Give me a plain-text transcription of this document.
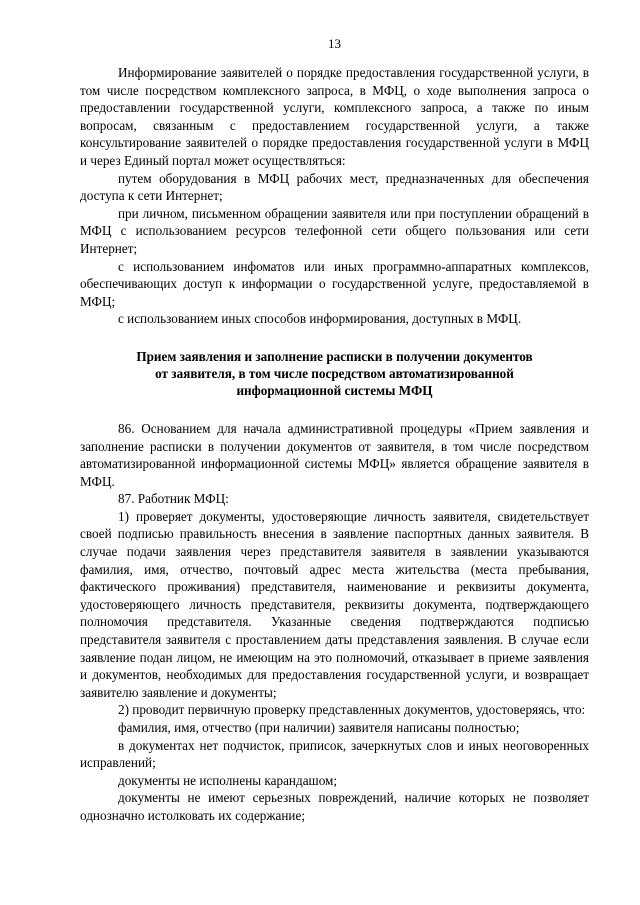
13

Информирование заявителей о порядке предоставления государственной услуги, в том числе посредством комплексного запроса, в МФЦ, о ходе выполнения запроса о предоставлении государственной услуги, комплексного запроса, а также по иным вопросам, связанным с предоставлением государственной услуги, а также консультирование заявителей о порядке предоставления государственной услуги в МФЦ и через Единый портал может осуществляться:

путем оборудования в МФЦ рабочих мест, предназначенных для обеспечения доступа к сети Интернет;

при личном, письменном обращении заявителя или при поступлении обращений в МФЦ с использованием ресурсов телефонной сети общего пользования или сети Интернет;

с использованием инфоматов или иных программно-аппаратных комплексов, обеспечивающих доступ к информации о государственной услуге, предоставляемой в МФЦ;

с использованием иных способов информирования, доступных в МФЦ.

Прием заявления и заполнение расписки в получении документов
от заявителя, в том числе посредством автоматизированной
информационной системы МФЦ

86. Основанием для начала административной процедуры «Прием заявления и заполнение расписки в получении документов от заявителя, в том числе посредством автоматизированной информационной системы МФЦ» является обращение заявителя в МФЦ.

87. Работник МФЦ:

1) проверяет документы, удостоверяющие личность заявителя, свидетельствует своей подписью правильность внесения в заявление паспортных данных заявителя. В случае подачи заявления через представителя заявителя в заявлении указываются фамилия, имя, отчество, почтовый адрес места жительства (места пребывания, фактического проживания) представителя, наименование и реквизиты документа, удостоверяющего личность представителя, реквизиты документа, подтверждающего полномочия представителя. Указанные сведения подтверждаются подписью представителя заявителя с проставлением даты представления заявления. В случае если заявление подан лицом, не имеющим на это полномочий, отказывает в приеме заявления и документов, необходимых для предоставления государственной услуги, и возвращает заявителю заявление и документы;

2) проводит первичную проверку представленных документов, удостоверяясь, что:

фамилия, имя, отчество (при наличии) заявителя написаны полностью;

в документах нет подчисток, приписок, зачеркнутых слов и иных неоговоренных исправлений;

документы не исполнены карандашом;

документы не имеют серьезных повреждений, наличие которых не позволяет однозначно истолковать их содержание;
